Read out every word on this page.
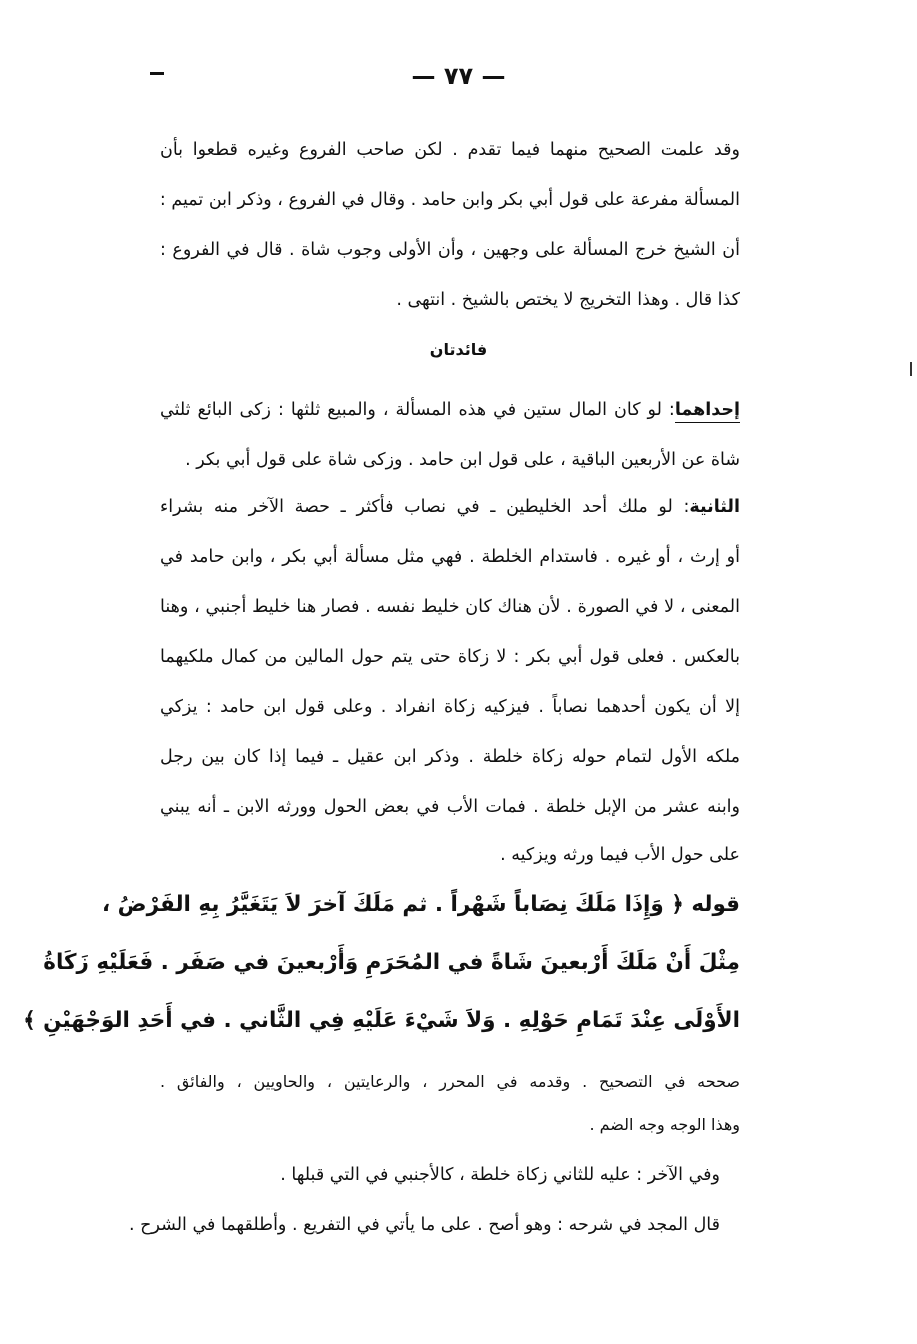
— ٧٧ —
وقد علمت الصحيح منهما فيما تقدم . لكن صاحب الفروع وغيره قطعوا بأن
المسألة مفرعة على قول أبي بكر وابن حامد . وقال في الفروع ، وذكر ابن تميم :
أن الشيخ خرج المسألة على وجهين ، وأن الأولى وجوب شاة . قال في الفروع :
كذا قال . وهذا التخريج لا يختص بالشيخ . انتهى .
فائدتان
إحداهما: لو كان المال ستين في هذه المسألة ، والمبيع ثلثها : زكى البائع ثلثي
شاة عن الأربعين الباقية ، على قول ابن حامد . وزكى شاة على قول أبي بكر .
الثانية: لو ملك أحد الخليطين ـ في نصاب فأكثر ـ حصة الآخر منه بشراء
أو إرث ، أو غيره . فاستدام الخلطة . فهي مثل مسألة أبي بكر ، وابن حامد في
المعنى ، لا في الصورة . لأن هناك كان خليط نفسه . فصار هنا خليط أجنبي ، وهنا
بالعكس . فعلى قول أبي بكر : لا زكاة حتى يتم حول المالين من كمال ملكيهما
إلا أن يكون أحدهما نصاباً . فيزكيه زكاة انفراد . وعلى قول ابن حامد : يزكي
ملكه الأول لتمام حوله زكاة خلطة . وذكر ابن عقيل ـ فيما إذا كان بين رجل
وابنه عشر من الإبل خلطة . فمات الأب في بعض الحول وورثه الابن ـ أنه يبني
على حول الأب فيما ورثه ويزكيه .
قوله ﴿ وَإِذَا مَلَكَ نِصَاباً شَهْراً . ثم مَلَكَ آخرَ لاَ يَتَغَيَّرُ بِهِ الفَرْضُ ،
مِثْلَ أَنْ مَلَكَ أَرْبعينَ شَاةً في المُحَرَمِ وَأَرْبعينَ في صَفَر . فَعَلَيْهِ زَكَاةُ
الأَوْلَى عِنْدَ تَمَامِ حَوْلِهِ . وَلاَ شَيْءَ عَلَيْهِ فِي الثَّاني . في أَحَدِ الوَجْهَيْنِ ﴾
صححه في التصحيح . وقدمه في المحرر ، والرعايتين ، والحاويين ، والفائق .
وهذا الوجه وجه الضم .
وفي الآخر : عليه للثاني زكاة خلطة ، كالأجنبي في التي قبلها .
قال المجد في شرحه : وهو أصح . على ما يأتي في التفريع . وأطلقهما في الشرح .
